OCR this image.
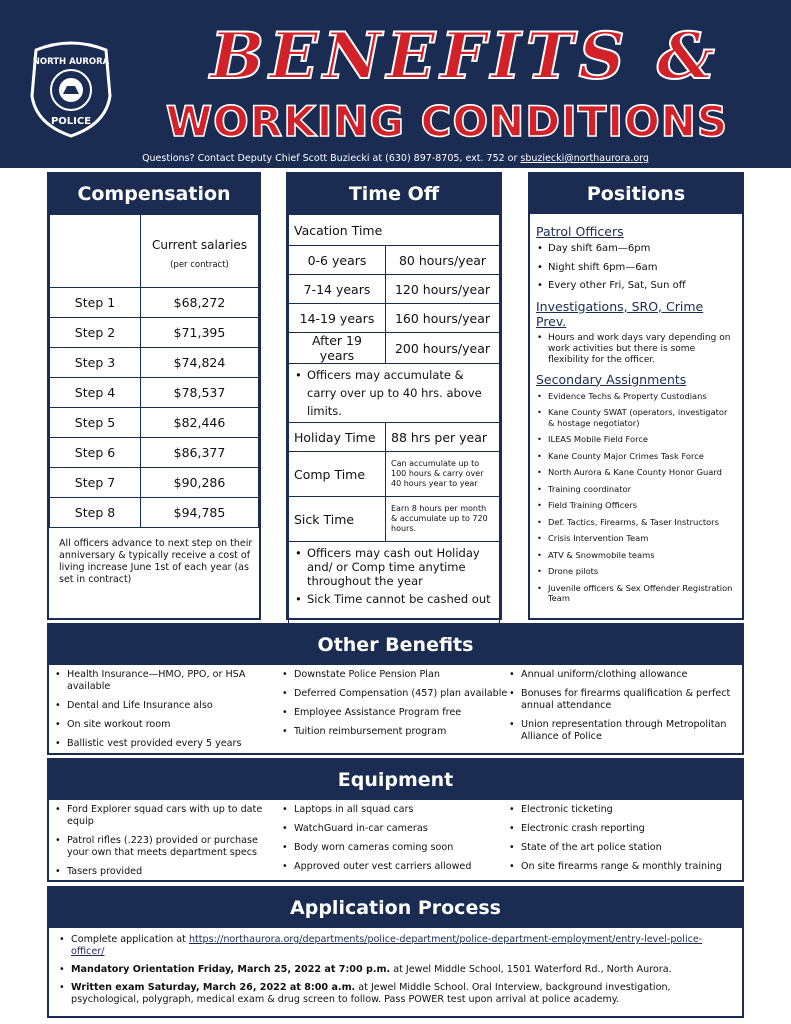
NORTH AURORA
POLICE
BENEFITS &
WORKING CONDITIONS
Questions? Contact Deputy Chief Scott Buziecki at (630) 897-8705, ext. 752 or sbuziecki@northaurora.org
Compensation

	Current salaries
(per contract)

Step 1	$68,272
Step 2	$71,395
Step 3	$74,824
Step 4	$78,537
Step 5	$82,446
Step 6	$86,377
Step 7	$90,286
Step 8	$94,785
All officers advance to next step on their anniversary & typically receive a cost of living increase June 1st of each year (as set in contract)
Time Off
Vacation Time	
0-6 years	80 hours/year
7-14 years	120 hours/year
14-19 years	160 hours/year
After 19 years	200 hours/year

• Officers may accumulate & carry over up to 40 hrs. above limits.

Holiday Time	88 hrs per year
Comp Time	Can accumulate up to 100 hours & carry over 40 hours year to year
Sick Time	Earn 8 hours per month & accumulate up to 720 hours.

• Officers may cash out Holiday and/ or Comp time anytime throughout the year
• Sick Time cannot be cashed out
Positions
Patrol Officers
• Day shift 6am—6pm
• Night shift 6pm—6am
• Every other Fri, Sat, Sun off
Investigations, SRO, Crime Prev.
• Hours and work days vary depending on work activities but there is some flexibility for the officer.
Secondary Assignments
• Evidence Techs & Property Custodians
• Kane County SWAT (operators, investigator & hostage negotiator)
• ILEAS Mobile Field Force
• Kane County Major Crimes Task Force
• North Aurora & Kane County Honor Guard
• Training coordinator
• Field Training Officers
• Def. Tactics, Firearms, & Taser Instructors
• Crisis Intervention Team
• ATV & Snowmobile teams
• Drone pilots
• Juvenile officers & Sex Offender Registration Team
Other Benefits
• Health Insurance—HMO, PPO, or HSA available
• Dental and Life Insurance also
• On site workout room
• Ballistic vest provided every 5 years
• Downstate Police Pension Plan
• Deferred Compensation (457) plan available
• Employee Assistance Program free
• Tuition reimbursement program
• Annual uniform/clothing allowance
• Bonuses for firearms qualification & perfect annual attendance
• Union representation through Metropolitan Alliance of Police
Equipment
• Ford Explorer squad cars with up to date equip
• Patrol rifles (.223) provided or purchase your own that meets department specs
• Tasers provided
• Laptops in all squad cars
• WatchGuard in-car cameras
• Body worn cameras coming soon
• Approved outer vest carriers allowed
• Electronic ticketing
• Electronic crash reporting
• State of the art police station
• On site firearms range & monthly training
Application Process
• Complete application at https://northaurora.org/departments/police-department/police-department-employment/entry-level-police-officer/
• Mandatory Orientation Friday, March 25, 2022 at 7:00 p.m. at Jewel Middle School, 1501 Waterford Rd., North Aurora.
• Written exam Saturday, March 26, 2022 at 8:00 a.m. at Jewel Middle School. Oral Interview, background investigation, psychological, polygraph, medical exam & drug screen to follow. Pass POWER test upon arrival at police academy.
